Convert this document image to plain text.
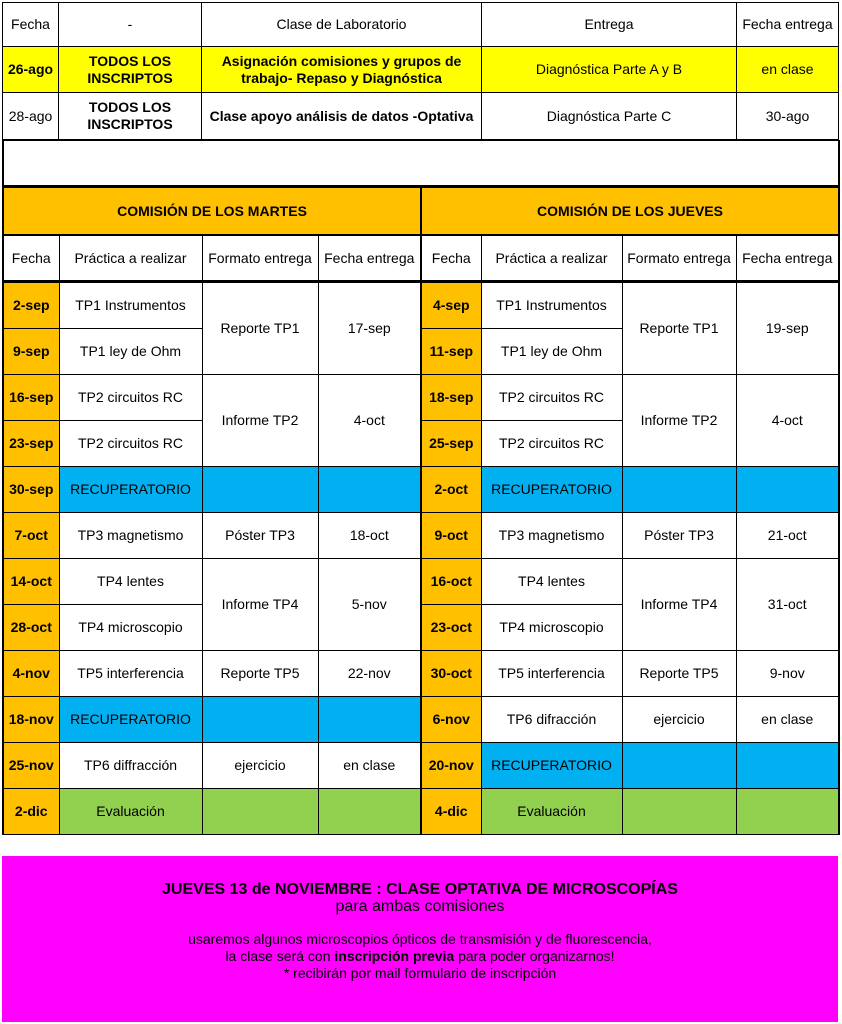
Fecha	-	Clase de Laboratorio	Entrega	Fecha entrega
26-ago	TODOS LOS INSCRIPTOS	Asignación comisiones y grupos de trabajo- Repaso y Diagnóstica	Diagnóstica Parte A y B	en clase
28-ago	TODOS LOS INSCRIPTOS	Clase apoyo análisis de datos -Optativa	Diagnóstica Parte C	30-ago
COMISIÓN DE LOS MARTES			
Fecha	Práctica a realizar	Formato entrega	Fecha entrega
2-sep	TP1 Instrumentos	Reporte TP1	17-sep
9-sep	TP1 ley de Ohm		
16-sep	TP2 circuitos RC	Informe TP2	4-oct
23-sep	TP2 circuitos RC		
30-sep	RECUPERATORIO		
7-oct	TP3 magnetismo	Póster TP3	18-oct
14-oct	TP4 lentes	Informe TP4	5-nov
28-oct	TP4 microscopio		
4-nov	TP5 interferencia	Reporte TP5	22-nov
18-nov	RECUPERATORIO		
25-nov	TP6 diffracción	ejercicio	en clase
2-dic	Evaluación		
COMISIÓN DE LOS JUEVES			
Fecha	Práctica a realizar	Formato entrega	Fecha entrega
4-sep	TP1 Instrumentos	Reporte TP1	19-sep
11-sep	TP1 ley de Ohm		
18-sep	TP2 circuitos RC	Informe TP2	4-oct
25-sep	TP2 circuitos RC		
2-oct	RECUPERATORIO		
9-oct	TP3 magnetismo	Póster TP3	21-oct
16-oct	TP4 lentes	Informe TP4	31-oct
23-oct	TP4 microscopio		
30-oct	TP5 interferencia	Reporte TP5	9-nov
6-nov	TP6 difracción	ejercicio	en clase
20-nov	RECUPERATORIO		
4-dic	Evaluación		
JUEVES 13 de NOVIEMBRE : CLASE OPTATIVA DE MICROSCOPÍAS
para ambas comisiones
usaremos algunos microscopios ópticos de transmisión y de fluorescencia,
la clase será con inscripción previa para poder organizarnos!
* recibirán por mail formulario de inscripción
